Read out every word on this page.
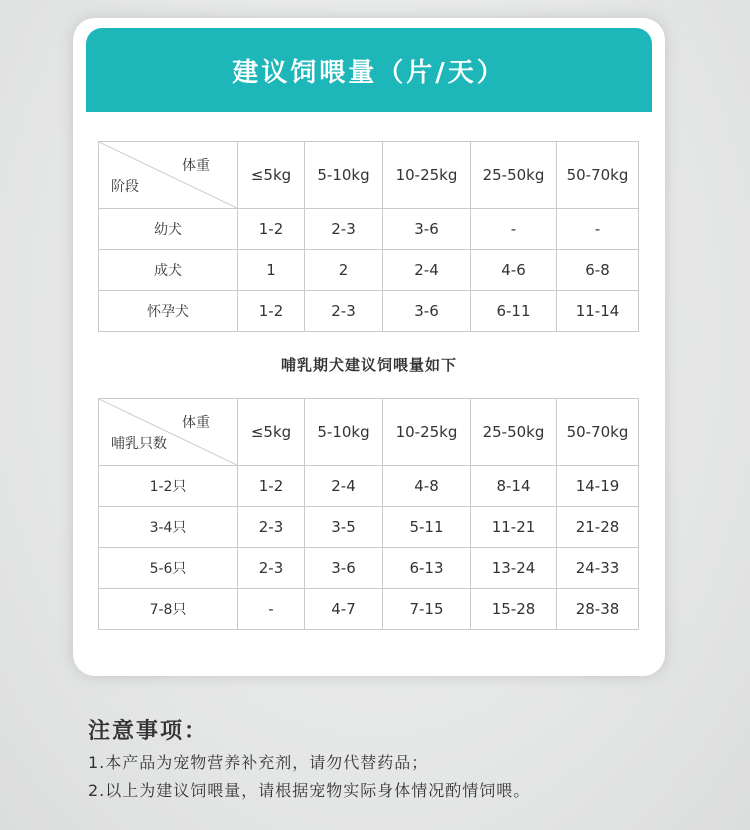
建议饲喂量（片/天）
体重
阶段	≤5kg	5-10kg	10-25kg	25-50kg	50-70kg
幼犬	1-2	2-3	3-6	-	-
成犬	1	2	2-4	4-6	6-8
怀孕犬	1-2	2-3	3-6	6-11	11-14
哺乳期犬建议饲喂量如下
体重
哺乳只数	≤5kg	5-10kg	10-25kg	25-50kg	50-70kg
1-2只	1-2	2-4	4-8	8-14	14-19
3-4只	2-3	3-5	5-11	11-21	21-28
5-6只	2-3	3-6	6-13	13-24	24-33
7-8只	-	4-7	7-15	15-28	28-38
注意事项：
1.本产品为宠物营养补充剂，请勿代替药品；
2.以上为建议饲喂量，请根据宠物实际身体情况酌情饲喂。
